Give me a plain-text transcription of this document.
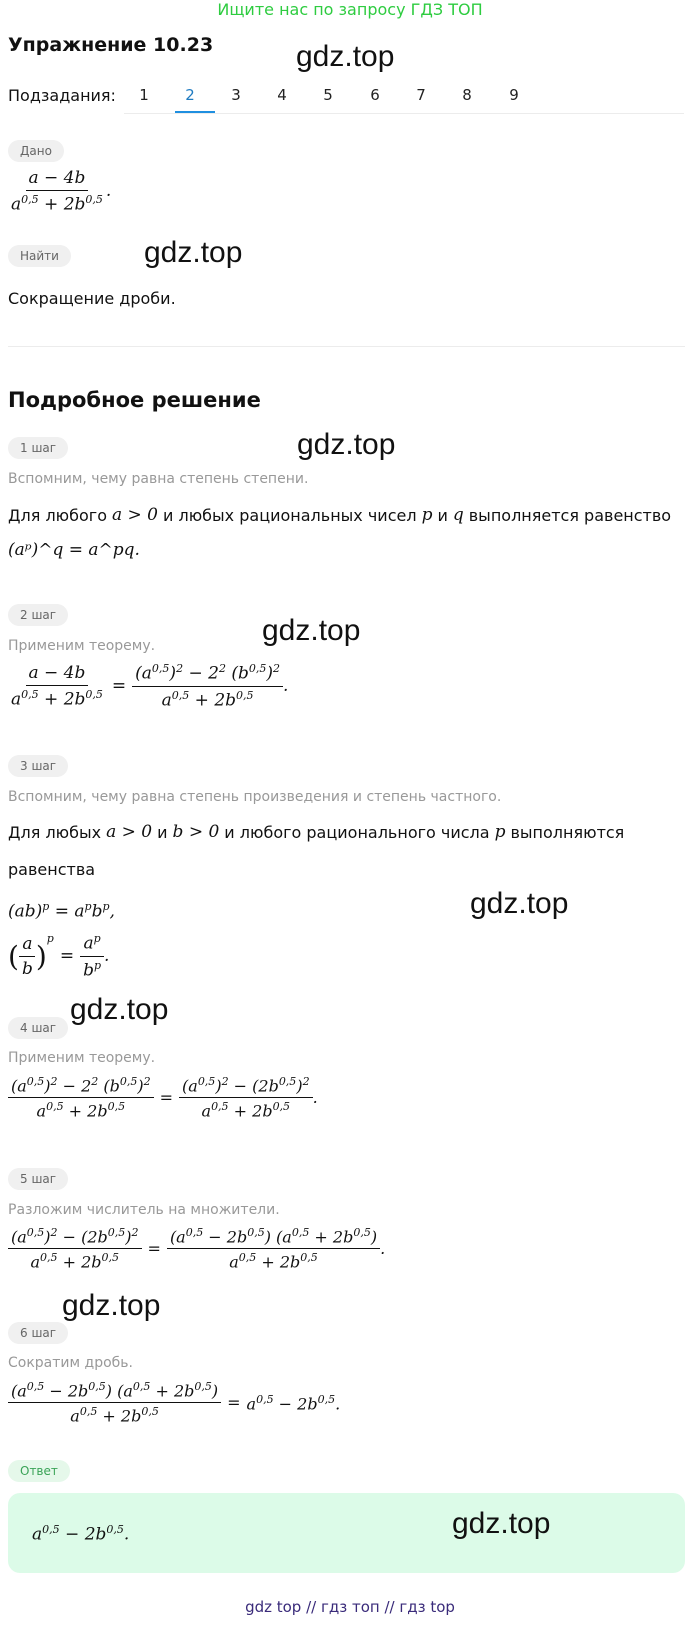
Ищите нас по запросу ГДЗ ТОП
Упражнение 10.23	gdz.top
Подзадания:	1	2	3	4	5	6	7	8	9
Дано
$\frac{a - 4b}{a^{0,5} + 2b^{0,5}}$ .
Найти	gdz.top
Сокращение дроби.
Подробное решение
1 шаг	gdz.top
Вспомним, чему равна степень степени.
Для любого a > 0 и любых рациональных чисел p и q выполняется равенство
(aᵖ)^q = a^pq.
2 шаг	gdz.top
Применим теорему.
$\frac{a - 4b}{a^{0,5} + 2b^{0,5}} = \frac{(a^{0,5})^2 - 2^2 (b^{0,5})^2}{a^{0,5} + 2b^{0,5}}$ .
3 шаг
Вспомним, чему равна степень произведения и степень частного.
Для любых a > 0 и b > 0 и любого рационального числа p выполняются
равенства
$(ab)^p = a^pb^p$,	gdz.top
( $\frac{a}{b}$ )
$^p$
= $\frac{a^p}{b^p}$ .
4 шаг
gdz.top
Применим теорему.
$\frac{(a^{0,5})^2 - 2^2 (b^{0,5})^2}{a^{0,5} + 2b^{0,5}} = \frac{(a^{0,5})^2 - (2b^{0,5})^2}{a^{0,5} + 2b^{0,5}}$ .
5 шаг
Разложим числитель на множители.
$\frac{(a^{0,5})^2 - (2b^{0,5})^2}{a^{0,5} + 2b^{0,5}} = \frac{(a^{0,5} - 2b^{0,5}) (a^{0,5} + 2b^{0,5})}{a^{0,5} + 2b^{0,5}}$ .
gdz.top
6 шаг
Сократим дробь.
$\frac{(a^{0,5} - 2b^{0,5}) (a^{0,5} + 2b^{0,5})}{a^{0,5} + 2b^{0,5}} = a^{0,5} - 2b^{0,5}$.
Ответ
$a^{0,5} - 2b^{0,5}$.	gdz.top
gdz top // гдз топ // гдз top
